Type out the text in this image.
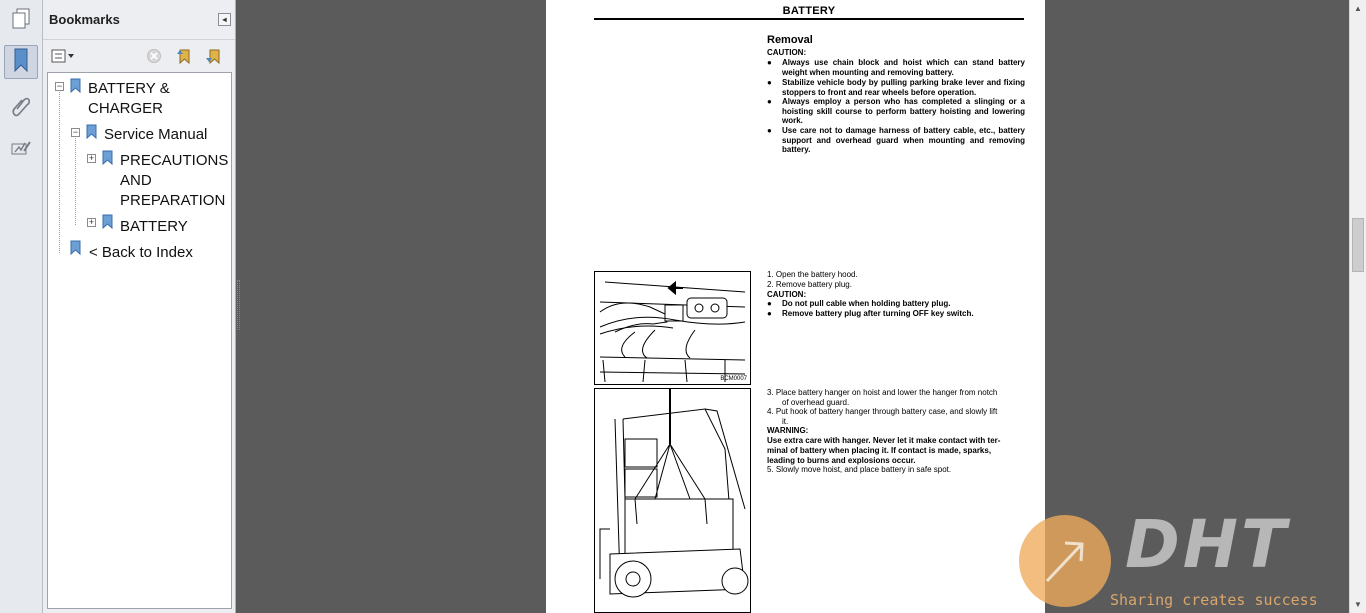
Bookmarks	◂
− BATTERY &
CHARGER
− Service Manual
+ PRECAUTIONS
AND
PREPARATION
+ BATTERY
< Back to Index
BATTERY
Removal
CAUTION:
● Always use chain block and hoist which can stand battery weight when mounting and removing battery.
● Stabilize vehicle body by pulling parking brake lever and fixing stoppers to front and rear wheels before operation.
● Always employ a person who has completed a slinging or a hoisting skill course to perform battery hoisting and lowering work.
● Use care not to damage harness of battery cable, etc., battery support and overhead guard when mounting and removing battery.
BCM0007
1. Open the battery hood.
2. Remove battery plug.
CAUTION:
● Do not pull cable when holding battery plug.
● Remove battery plug after turning OFF key switch.
3. Place battery hanger on hoist and lower the hanger from notch
of overhead guard.
4. Put hook of battery hanger through battery case, and slowly lift
it.
WARNING:
Use extra care with hanger. Never let it make contact with ter-
minal of battery when placing it. If contact is made, sparks,
leading to burns and explosions occur.
5. Slowly move hoist, and place battery in safe spot.
DHT
Sharing creates success
▲
▼
